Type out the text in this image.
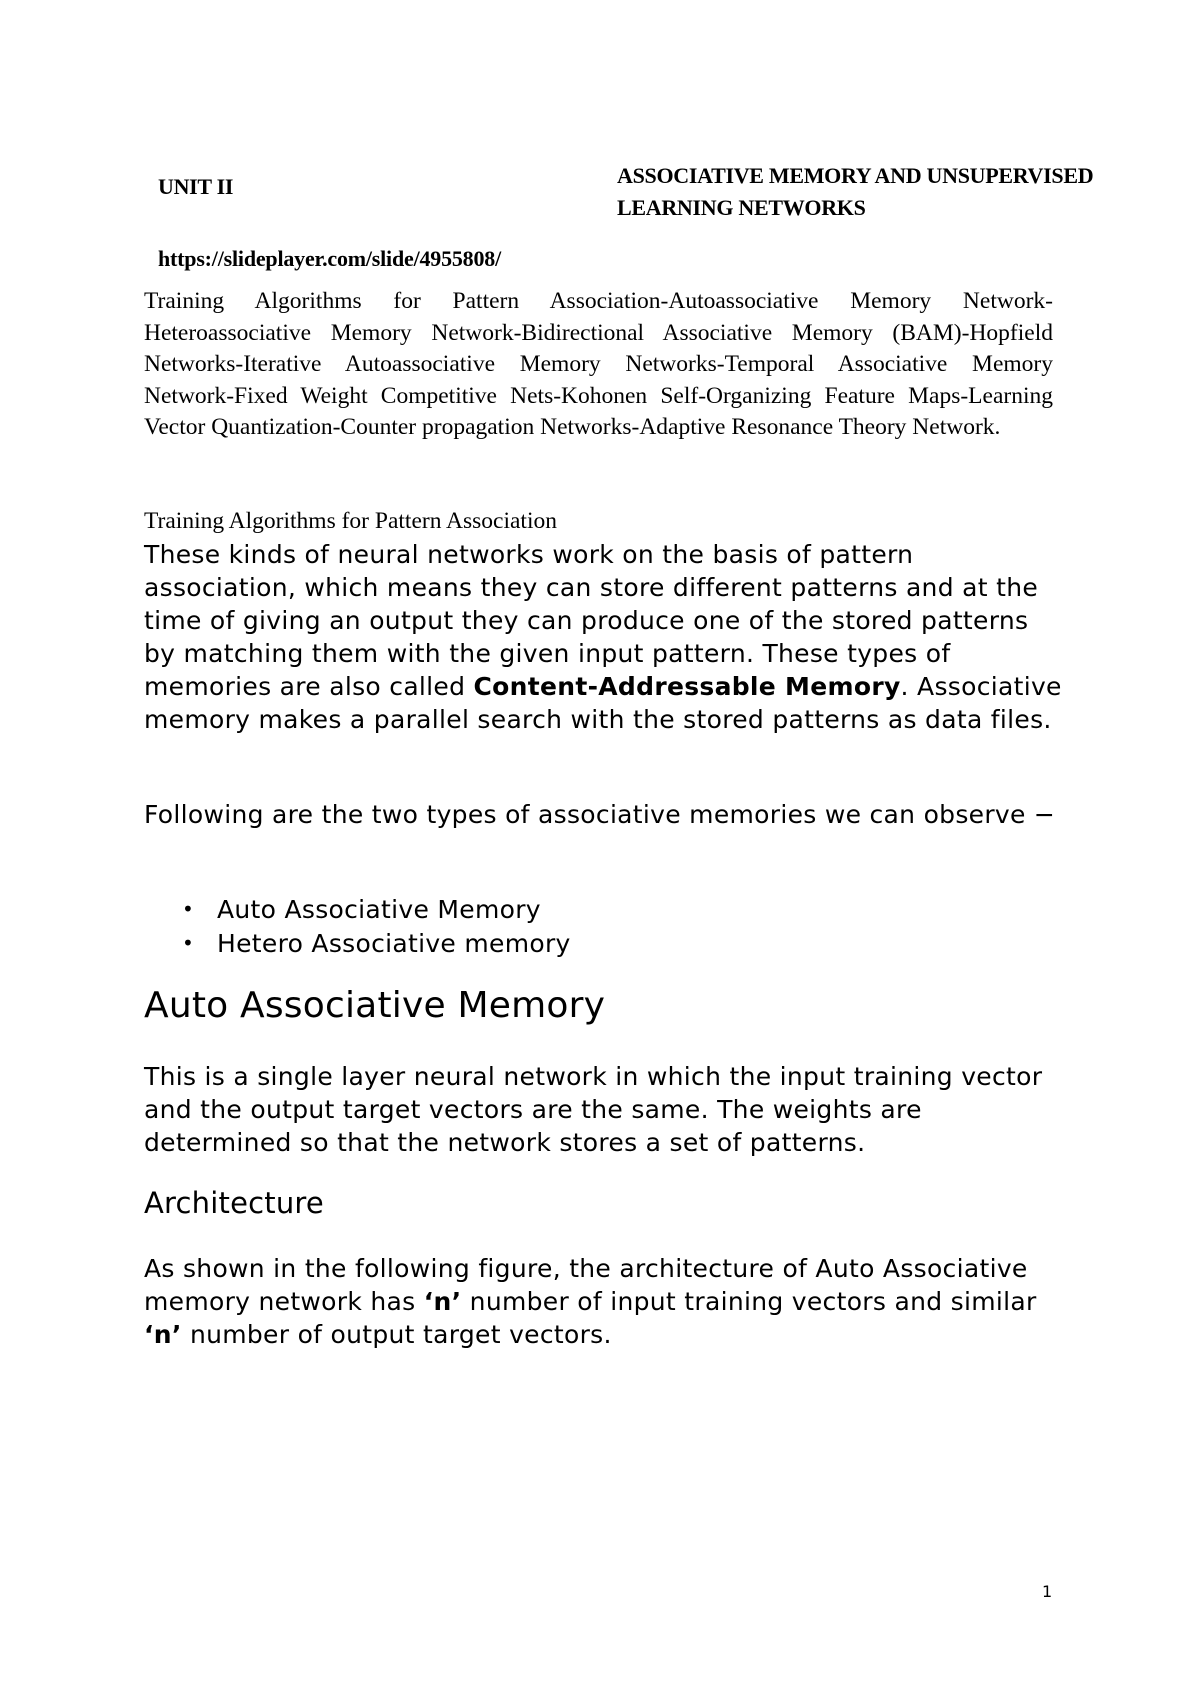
UNIT II	ASSOCIATIVE MEMORY AND UNSUPERVISED
LEARNING NETWORKS
https://slideplayer.com/slide/4955808/
Training Algorithms for Pattern Association-Autoassociative Memory Network-Heteroassociative Memory Network-Bidirectional Associative Memory (BAM)-Hopfield Networks-Iterative Autoassociative Memory Networks-Temporal Associative Memory Network-Fixed Weight Competitive Nets-Kohonen Self-Organizing Feature Maps-Learning Vector Quantization-Counter propagation Networks-Adaptive Resonance Theory Network.
Training Algorithms for Pattern Association
These kinds of neural networks work on the basis of pattern association, which means they can store different patterns and at the time of giving an output they can produce one of the stored patterns by matching them with the given input pattern. These types of memories are also called Content-Addressable Memory. Associative memory makes a parallel search with the stored patterns as data files.
Following are the two types of associative memories we can observe −
• Auto Associative Memory
• Hetero Associative memory
Auto Associative Memory
This is a single layer neural network in which the input training vector and the output target vectors are the same. The weights are determined so that the network stores a set of patterns.
Architecture
As shown in the following figure, the architecture of Auto Associative memory network has ‘n’ number of input training vectors and similar ‘n’ number of output target vectors.
1
